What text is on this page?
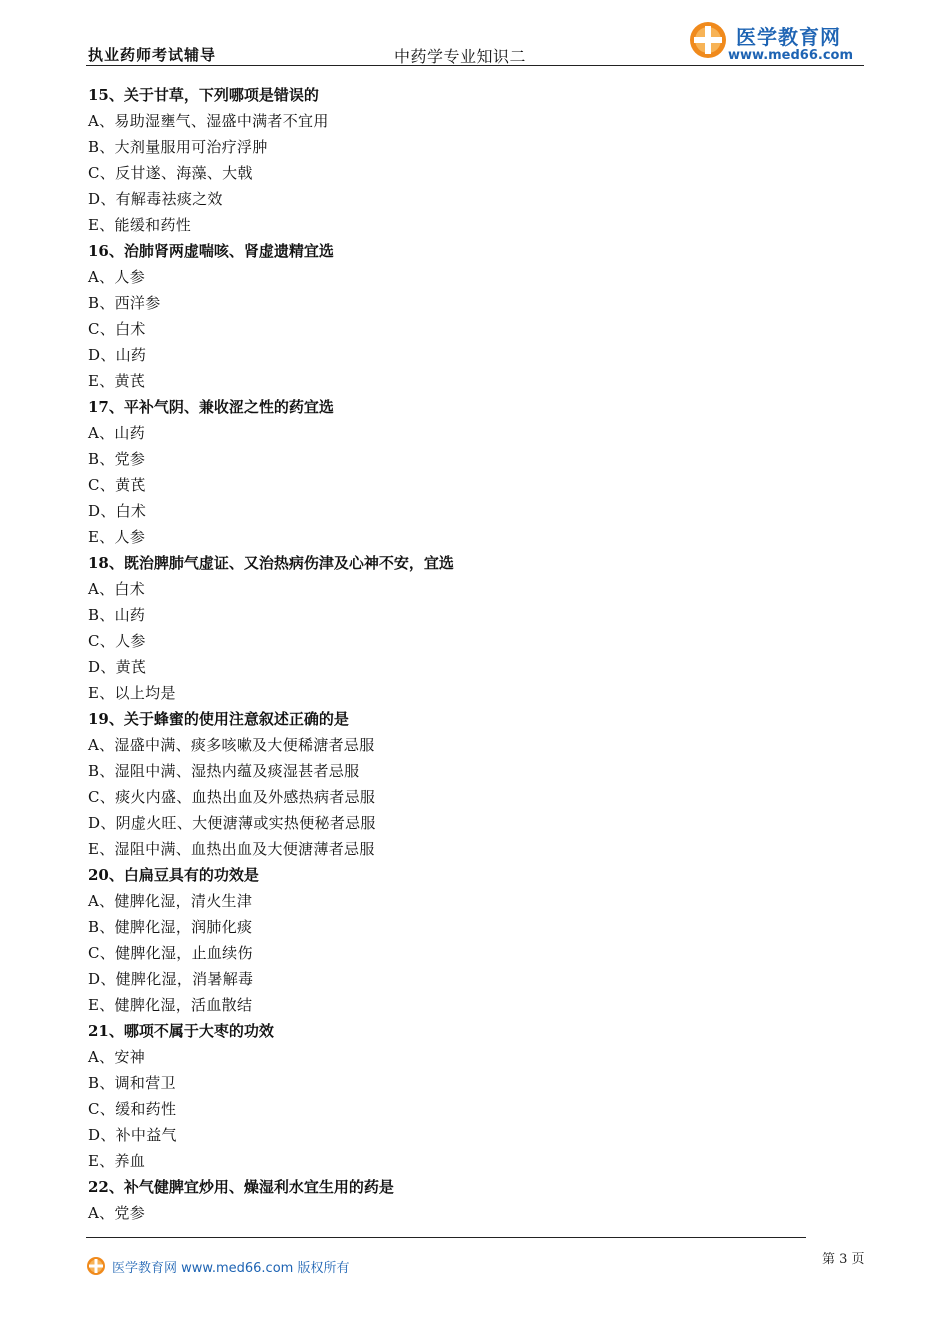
执业药师考试辅导	中药学专业知识二
医学教育网
www.med66.com
15、关于甘草，下列哪项是错误的
A、易助湿壅气、湿盛中满者不宜用
B、大剂量服用可治疗浮肿
C、反甘遂、海藻、大戟
D、有解毒祛痰之效
E、能缓和药性
16、治肺肾两虚喘咳、肾虚遗精宜选
A、人参
B、西洋参
C、白术
D、山药
E、黄芪
17、平补气阴、兼收涩之性的药宜选
A、山药
B、党参
C、黄芪
D、白术
E、人参
18、既治脾肺气虚证、又治热病伤津及心神不安，宜选
A、白术
B、山药
C、人参
D、黄芪
E、以上均是
19、关于蜂蜜的使用注意叙述正确的是
A、湿盛中满、痰多咳嗽及大便稀溏者忌服
B、湿阻中满、湿热内蕴及痰湿甚者忌服
C、痰火内盛、血热出血及外感热病者忌服
D、阴虚火旺、大便溏薄或实热便秘者忌服
E、湿阻中满、血热出血及大便溏薄者忌服
20、白扁豆具有的功效是
A、健脾化湿，清火生津
B、健脾化湿，润肺化痰
C、健脾化湿，止血续伤
D、健脾化湿，消暑解毒
E、健脾化湿，活血散结
21、哪项不属于大枣的功效
A、安神
B、调和营卫
C、缓和药性
D、补中益气
E、养血
22、补气健脾宜炒用、燥湿利水宜生用的药是
A、党参
医学教育网 www.med66.com 版权所有
第 3 页
